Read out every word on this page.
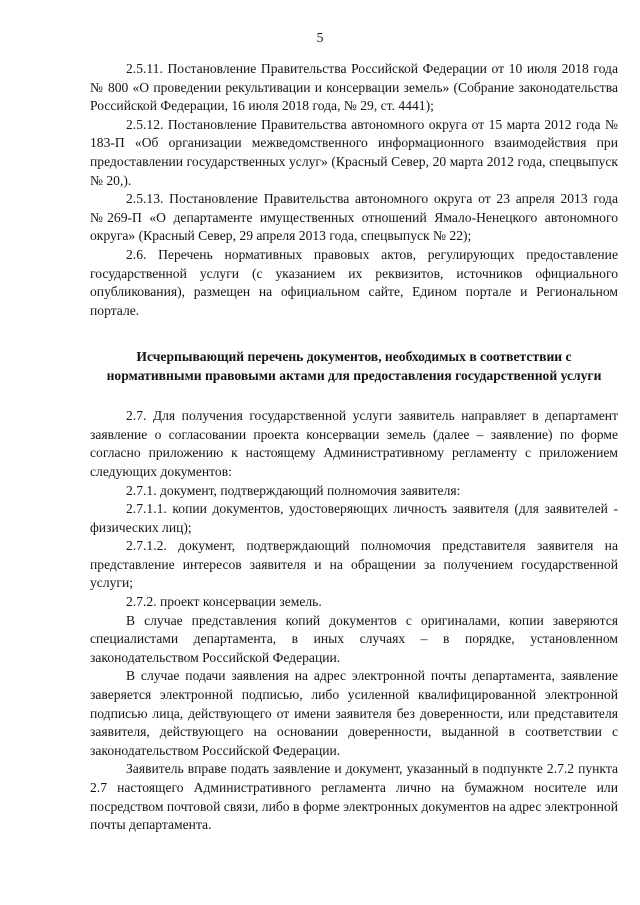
5

2.5.11. Постановление Правительства Российской Федерации от 10 июля 2018 года № 800 «О проведении рекультивации и консервации земель» (Собрание законодательства Российской Федерации, 16 июля 2018 года, № 29, ст. 4441);

2.5.12. Постановление Правительства автономного округа от 15 марта 2012 года № 183-П «Об организации межведомственного информационного взаимодействия при предоставлении государственных услуг» (Красный Север, 20 марта 2012 года, спецвыпуск № 20,).

2.5.13. Постановление Правительства автономного округа от 23 апреля 2013 года №269-П «О департаменте имущественных отношений Ямало-Ненецкого автономного округа» (Красный Север, 29 апреля 2013 года, спецвыпуск № 22);

2.6. Перечень нормативных правовых актов, регулирующих предоставление государственной услуги (с указанием их реквизитов, источников официального опубликования), размещен на официальном сайте, Едином портале и Региональном портале.

Исчерпывающий перечень документов, необходимых в соответствии с нормативными правовыми актами для предоставления государственной услуги

2.7. Для получения государственной услуги заявитель направляет в департамент заявление о согласовании проекта консервации земель (далее – заявление) по форме согласно приложению к настоящему Административному регламенту с приложением следующих документов:

2.7.1. документ, подтверждающий полномочия заявителя:

2.7.1.1. копии документов, удостоверяющих личность заявителя (для заявителей - физических лиц);

2.7.1.2. документ, подтверждающий полномочия представителя заявителя на представление интересов заявителя и на обращении за получением государственной услуги;

2.7.2. проект консервации земель.

В случае представления копий документов с оригиналами, копии заверяются специалистами департамента, в иных случаях – в порядке, установленном законодательством Российской Федерации.

В случае подачи заявления на адрес электронной почты департамента, заявление заверяется электронной подписью, либо усиленной квалифицированной электронной подписью лица, действующего от имени заявителя без доверенности, или представителя заявителя, действующего на основании доверенности, выданной в соответствии с законодательством Российской Федерации.

Заявитель вправе подать заявление и документ, указанный в подпункте 2.7.2 пункта 2.7 настоящего Административного регламента лично на бумажном носителе или посредством почтовой связи, либо в форме электронных документов на адрес электронной почты департамента.
